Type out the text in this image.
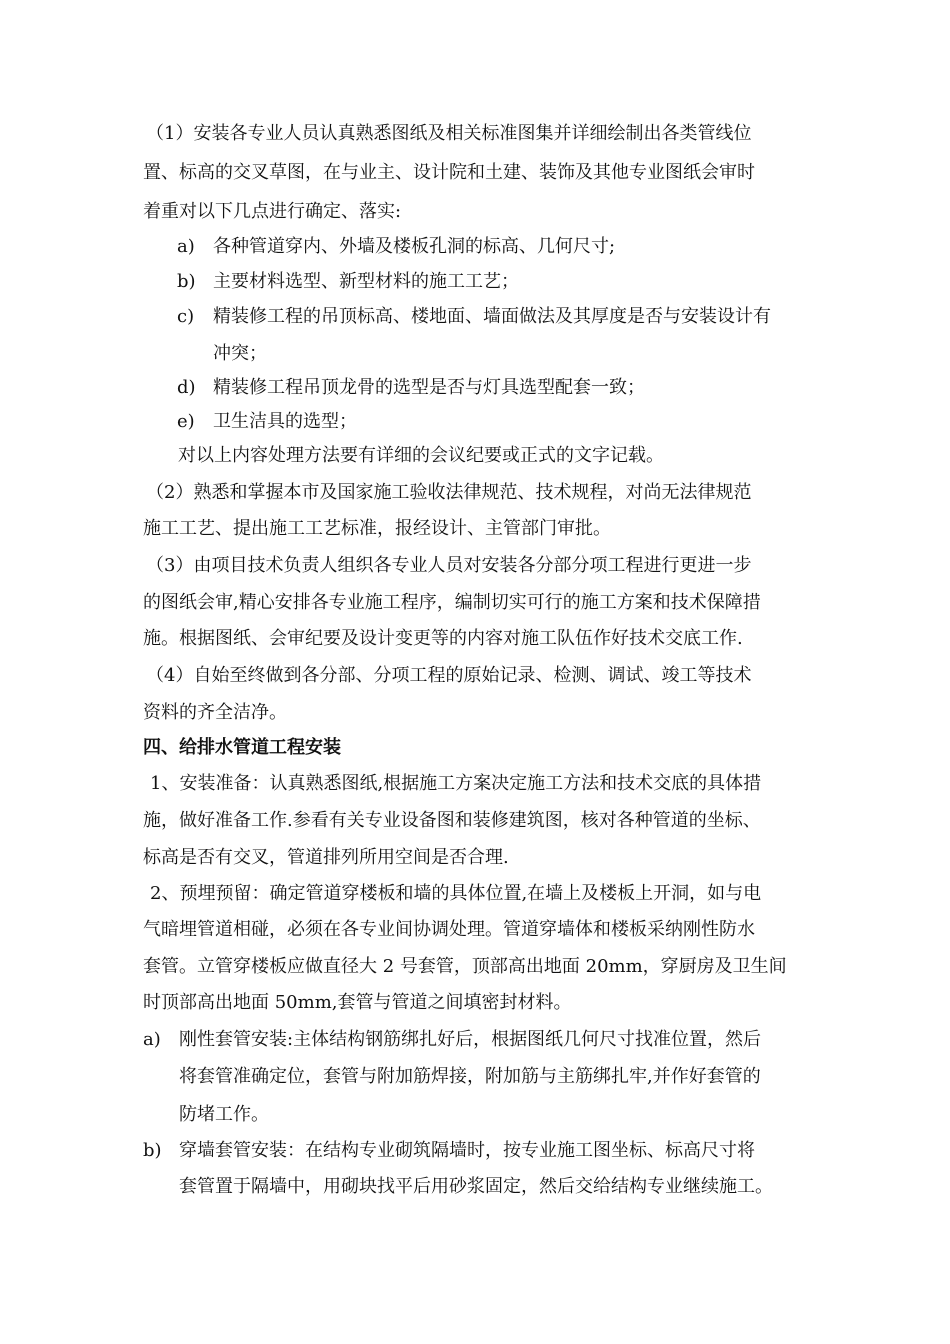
（1）安装各专业人员认真熟悉图纸及相关标准图集并详细绘制出各类管线位
置、标高的交叉草图，在与业主、设计院和土建、装饰及其他专业图纸会审时
着重对以下几点进行确定、落实:
a) 各种管道穿内、外墙及楼板孔洞的标高、几何尺寸;
b) 主要材料选型、新型材料的施工工艺；
c) 精装修工程的吊顶标高、楼地面、墙面做法及其厚度是否与安装设计有
冲突；
d) 精装修工程吊顶龙骨的选型是否与灯具选型配套一致；
e) 卫生洁具的选型；
对以上内容处理方法要有详细的会议纪要或正式的文字记载。
（2）熟悉和掌握本市及国家施工验收法律规范、技术规程，对尚无法律规范
施工工艺、提出施工工艺标准，报经设计、主管部门审批。
（3）由项目技术负责人组织各专业人员对安装各分部分项工程进行更进一步
的图纸会审,精心安排各专业施工程序，编制切实可行的施工方案和技术保障措
施。根据图纸、会审纪要及设计变更等的内容对施工队伍作好技术交底工作.
（4）自始至终做到各分部、分项工程的原始记录、检测、调试、竣工等技术
资料的齐全洁净。
四、给排水管道工程安装
1、安装准备：认真熟悉图纸,根据施工方案决定施工方法和技术交底的具体措
施，做好准备工作.参看有关专业设备图和装修建筑图，核对各种管道的坐标、
标高是否有交叉，管道排列所用空间是否合理.
2、预埋预留：确定管道穿楼板和墙的具体位置,在墙上及楼板上开洞，如与电
气暗埋管道相碰，必须在各专业间协调处理。管道穿墙体和楼板采纳刚性防水
套管。立管穿楼板应做直径大 2 号套管，顶部高出地面 20mm，穿厨房及卫生间
时顶部高出地面 50mm,套管与管道之间填密封材料。
a) 刚性套管安装:主体结构钢筋绑扎好后，根据图纸几何尺寸找准位置，然后
将套管准确定位，套管与附加筋焊接，附加筋与主筋绑扎牢,并作好套管的
防堵工作。
b) 穿墙套管安装：在结构专业砌筑隔墙时，按专业施工图坐标、标高尺寸将
套管置于隔墙中，用砌块找平后用砂浆固定，然后交给结构专业继续施工。
